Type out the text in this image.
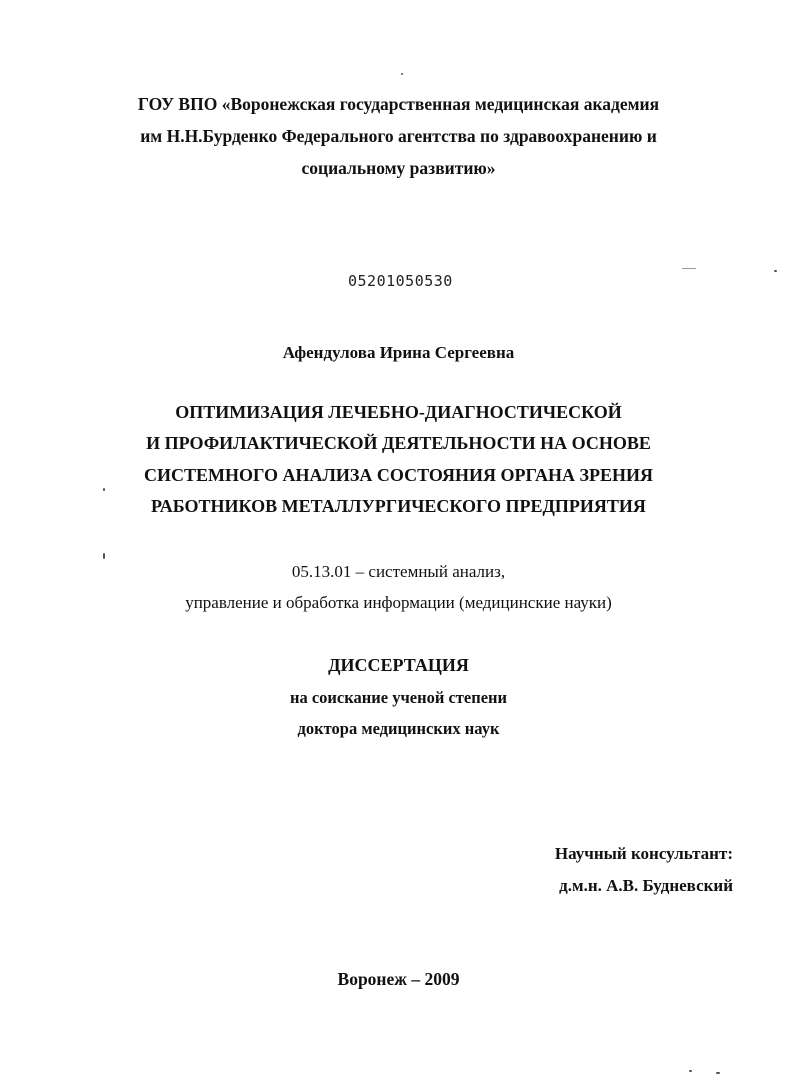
ГОУ ВПО «Воронежская государственная медицинская академия
им Н.Н.Бурденко Федерального агентства по здравоохранению и
социальному развитию»
05201050530
Афендулова Ирина Сергеевна
ОПТИМИЗАЦИЯ ЛЕЧЕБНО-ДИАГНОСТИЧЕСКОЙ
И ПРОФИЛАКТИЧЕСКОЙ ДЕЯТЕЛЬНОСТИ НА ОСНОВЕ
СИСТЕМНОГО АНАЛИЗА СОСТОЯНИЯ ОРГАНА ЗРЕНИЯ
РАБОТНИКОВ МЕТАЛЛУРГИЧЕСКОГО ПРЕДПРИЯТИЯ
05.13.01 – системный анализ,
управление и обработка информации (медицинские науки)
ДИССЕРТАЦИЯ
на соискание ученой степени
доктора медицинских наук
Научный консультант:
д.м.н. А.В. Будневский
Воронеж – 2009
